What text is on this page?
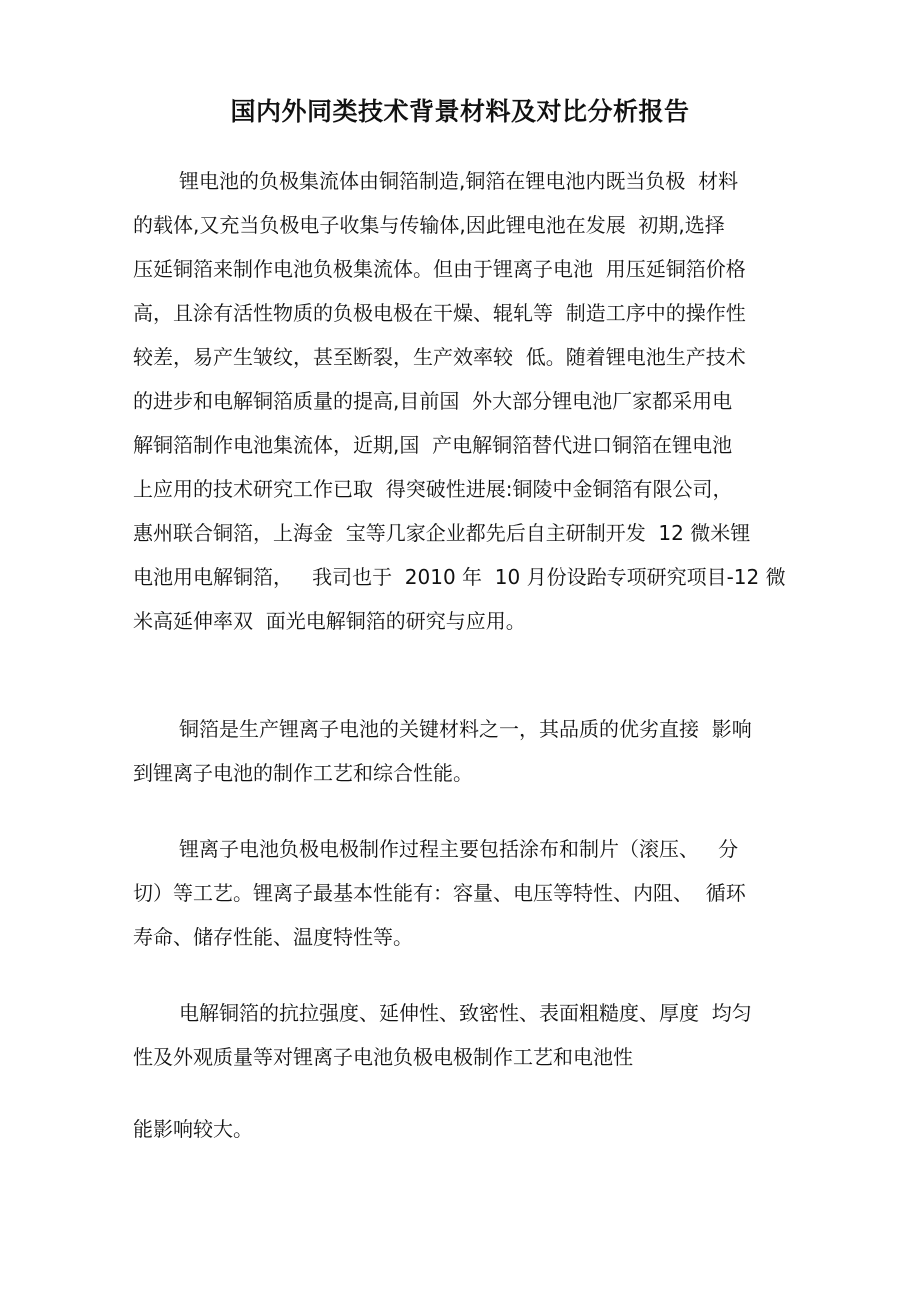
国内外同类技术背景材料及对比分析报告
锂电池的负极集流体由铜箔制造,铜箔在锂电池内既当负极  材料
的载体,又充当负极电子收集与传输体,因此锂电池在发展  初期,选择
压延铜箔来制作电池负极集流体。但由于锂离子电池  用压延铜箔价格
高，且涂有活性物质的负极电极在干燥、辊轧等  制造工序中的操作性
较差，易产生皱纹，甚至断裂，生产效率较  低。随着锂电池生产技术
的进步和电解铜箔质量的提高,目前国  外大部分锂电池厂家都采用电
解铜箔制作电池集流体，近期,国  产电解铜箔替代进口铜箔在锂电池
上应用的技术研究工作已取  得突破性进展:铜陵中金铜箔有限公司，
惠州联合铜箔，上海金  宝等几家企业都先后自主研制开发  12 微米锂
电池用电解铜箔，   我司也于  2010 年  10 月份设跆专项研究项目-12 微
米高延伸率双  面光电解铜箔的研究与应用。
铜箔是生产锂离子电池的关键材料之一，其品质的优劣直接  影响
到锂离子电池的制作工艺和综合性能。
锂离子电池负极电极制作过程主要包括涂布和制片（滚压、   分
切）等工艺。锂离子最基本性能有：容量、电压等特性、内阻、  循环
寿命、储存性能、温度特性等。
电解铜箔的抗拉强度、延伸性、致密性、表面粗糙度、厚度  均匀
性及外观质量等对锂离子电池负极电极制作工艺和电池性
能影响较大。
